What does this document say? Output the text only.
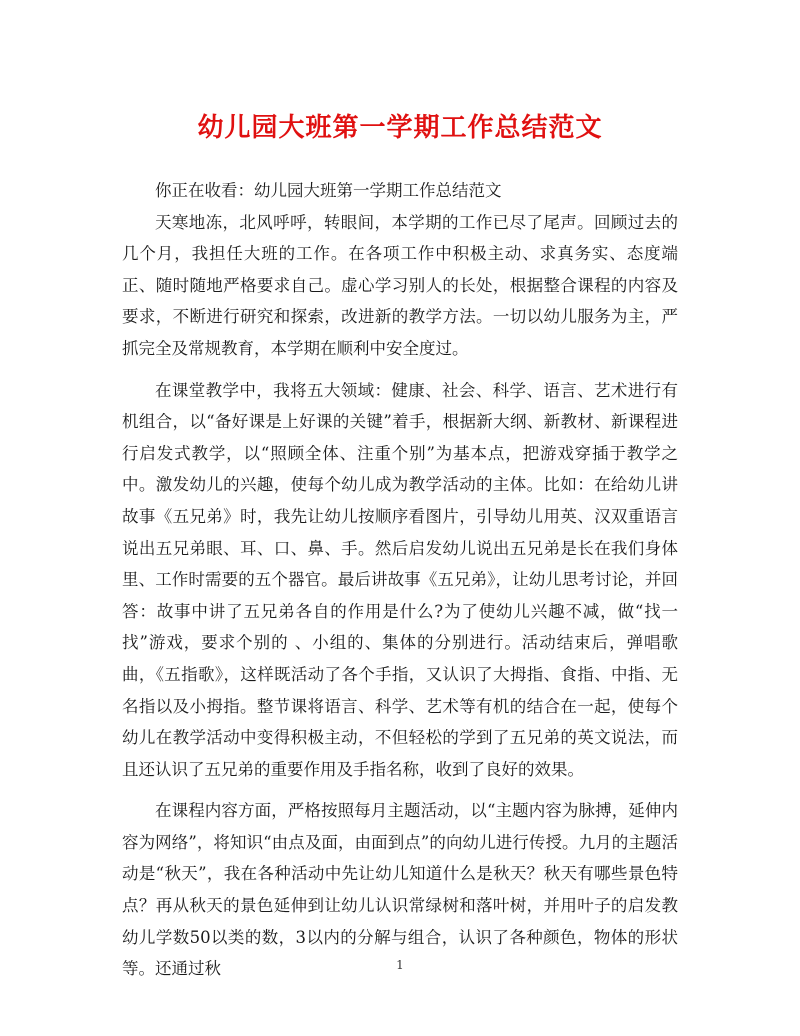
幼儿园大班第一学期工作总结范文

你正在收看：幼儿园大班第一学期工作总结范文

天寒地冻，北风呼呼，转眼间，本学期的工作已尽了尾声。回顾过去的几个月，我担任大班的工作。在各项工作中积极主动、求真务实、态度端正、随时随地严格要求自己。虚心学习别人的长处，根据整合课程的内容及要求，不断进行研究和探索，改进新的教学方法。一切以幼儿服务为主，严抓完全及常规教育，本学期在顺利中安全度过。

在课堂教学中，我将五大领域：健康、社会、科学、语言、艺术进行有机组合，以“备好课是上好课的关键”着手，根据新大纲、新教材、新课程进行启发式教学，以“照顾全体、注重个别”为基本点，把游戏穿插于教学之中。激发幼儿的兴趣，使每个幼儿成为教学活动的主体。比如：在给幼儿讲故事《五兄弟》时，我先让幼儿按顺序看图片，引导幼儿用英、汉双重语言说出五兄弟眼、耳、口、鼻、手。然后启发幼儿说出五兄弟是长在我们身体里、工作时需要的五个器官。最后讲故事《五兄弟》，让幼儿思考讨论，并回答：故事中讲了五兄弟各自的作用是什么?为了使幼儿兴趣不减，做“找一找”游戏，要求个别的 、小组的、集体的分别进行。活动结束后，弹唱歌曲，《五指歌》，这样既活动了各个手指，又认识了大拇指、食指、中指、无名指以及小拇指。整节课将语言、科学、艺术等有机的结合在一起，使每个幼儿在教学活动中变得积极主动，不但轻松的学到了五兄弟的英文说法，而且还认识了五兄弟的重要作用及手指名称，收到了良好的效果。

在课程内容方面，严格按照每月主题活动，以“主题内容为脉搏，延伸内容为网络”，将知识“由点及面，由面到点”的向幼儿进行传授。九月的主题活动是“秋天”，我在各种活动中先让幼儿知道什么是秋天？秋天有哪些景色特点？再从秋天的景色延伸到让幼儿认识常绿树和落叶树，并用叶子的启发教幼儿学数50以类的数，3以内的分解与组合，认识了各种颜色，物体的形状等。还通过秋	1
